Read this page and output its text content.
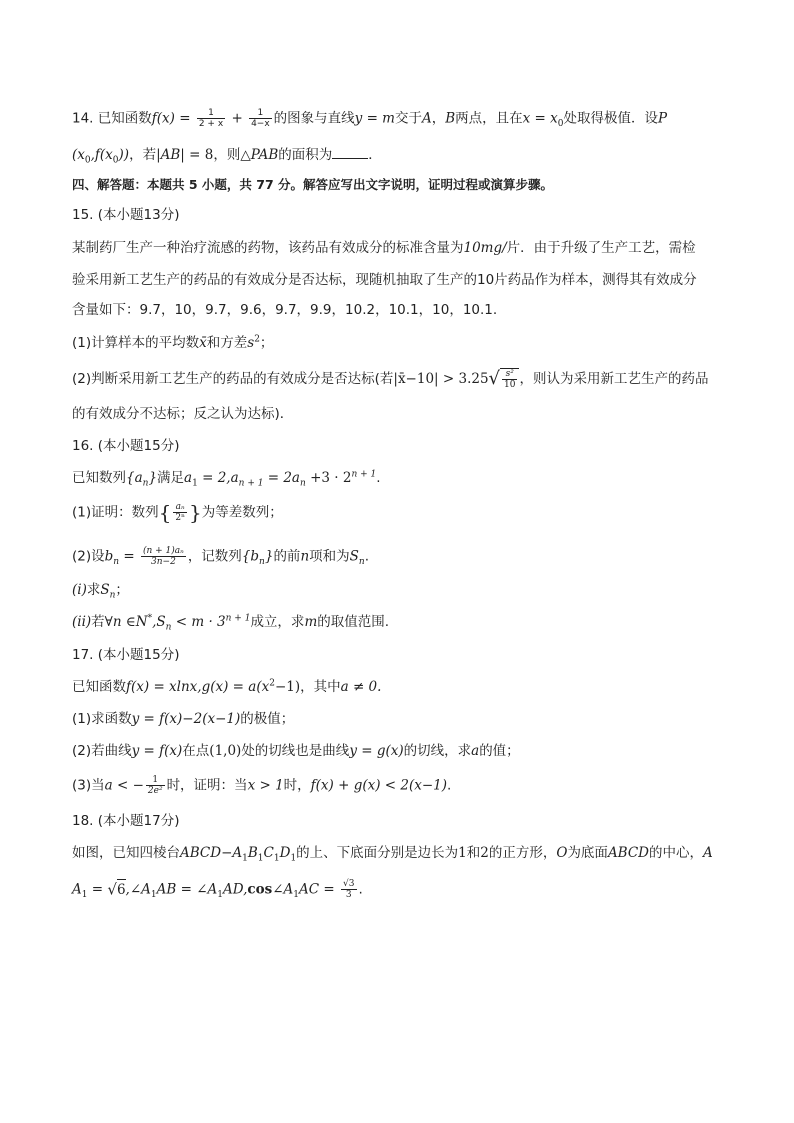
14. 已知函数$f(x) = \frac{1}{2 + x} + \frac{1}{4-x}$ 的图象与直线y = m交于A，B两点，且在$x = x_0$处取得极值．设P
$(x_0,f(x_0))$，若|AB| = 8，则△PAB的面积为	．
四、解答题：本题共 5 小题，共 77 分。解答应写出文字说明，证明过程或演算步骤。
15. (本小题13分)
某制药厂生产一种治疗流感的药物，该药品有效成分的标准含量为10mg/片．由于升级了生产工艺，需检
验采用新工艺生产的药品的有效成分是否达标，现随机抽取了生产的10片药品作为样本，测得其有效成分
含量如下：9.7，10，9.7，9.6，9.7，9.9，10.2，10.1，10，10.1.
(1)计算样本的平均数x̄和方差$s^2$；
(2)判断采用新工艺生产的药品的有效成分是否达标(若|x̄−10| > $3.25√ \frac{\text{s²}}{10}$ ，则认为采用新工艺生产的药品
的有效成分不达标；反之认为达标)．
16. (本小题15分)
已知数列$\{a_n\}$满足$a_1 = 2,a_{n + 1} = 2a_n +3 \cdot 2^{n + 1}$.
(1)证明：数列{ $\frac{\text{aₙ}}{\text{2ⁿ}}$ }为等差数列；
(2)设$b_n = \frac{\text{(n + 1)aₙ}}{3n-2}$ ，记数列$\{b_n\}$的前n项和为$S_n$.
(i)求$S_n$；
(ii)若∀n $\in N^*,S_n < m \cdot 3^{n + 1}$成立，求m的取值范围.
17. (本小题15分)
已知函数$f(x) = xlnx,g(x) = a(x^2-1)$，其中a ≠ 0.
(1)求函数y = f(x)−2(x−1)的极值；
(2)若曲线y = f(x)在点(1,0)处的切线也是曲线y = g(x)的切线，求a的值；
(3)当a < − $\frac{1}{\text{2e²}}$ 时，证明：当x > 1时，f(x) + g(x) < 2(x−1).
18. (本小题17分)
如图，已知四棱台$ABCD-A_1B_1C_1D_1$的上、下底面分别是边长为1和2的正方形，O为底面ABCD的中心，A
$A_1$ = $√6,\angle A_1AB$ = $\angle A_1AD,\cos\angle A_1AC = \frac{√3}{3}$ .
